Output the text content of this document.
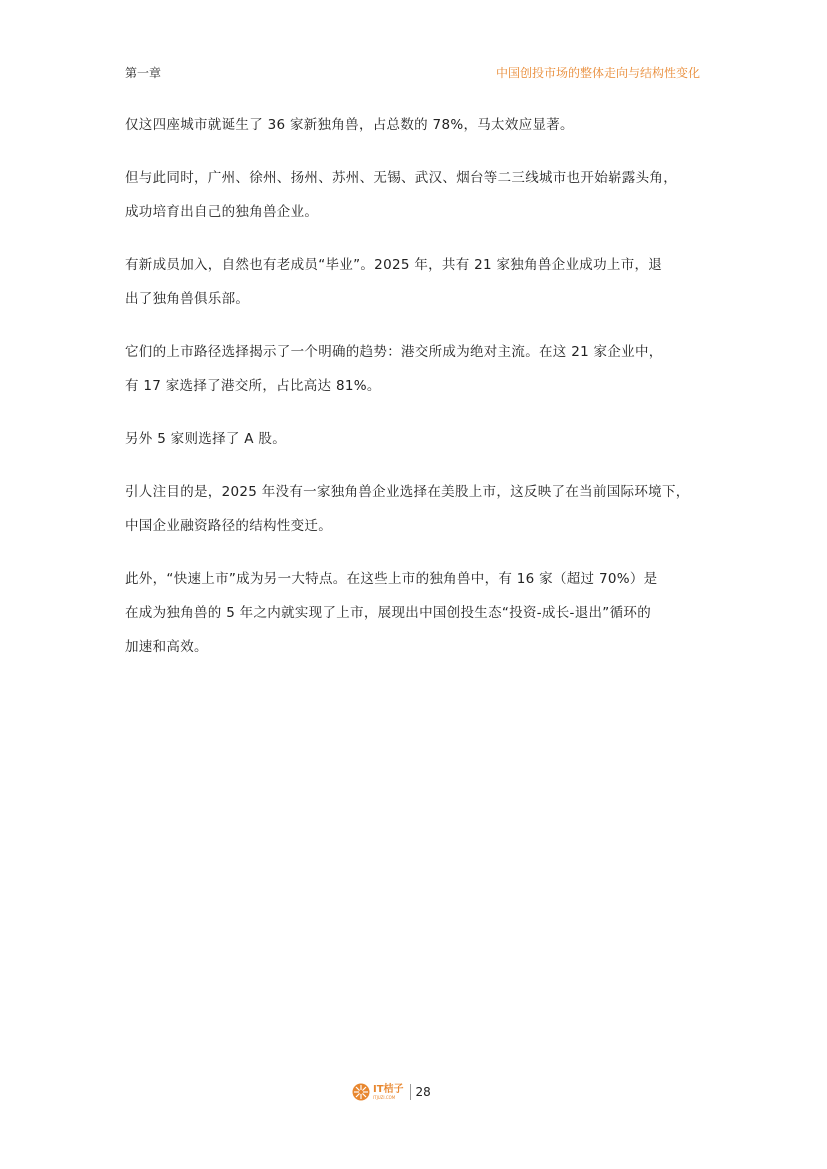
第一章	中国创投市场的整体走向与结构性变化

仅这四座城市就诞生了 36 家新独角兽，占总数的 78%，马太效应显著。

但与此同时，广州、徐州、扬州、苏州、无锡、武汉、烟台等二三线城市也开始崭露头角，
成功培育出自己的独角兽企业。

有新成员加入，自然也有老成员“毕业”。2025 年，共有 21 家独角兽企业成功上市，退
出了独角兽俱乐部。

它们的上市路径选择揭示了一个明确的趋势：港交所成为绝对主流。在这 21 家企业中，
有 17 家选择了港交所，占比高达 81%。

另外 5 家则选择了 A 股。

引人注目的是，2025 年没有一家独角兽企业选择在美股上市，这反映了在当前国际环境下，
中国企业融资路径的结构性变迁。

此外，“快速上市”成为另一大特点。在这些上市的独角兽中，有 16 家（超过 70%）是
在成为独角兽的 5 年之内就实现了上市，展现出中国创投生态“投资-成长-退出”循环的
加速和高效。

IT桔子
ITJUZI.COM	28
